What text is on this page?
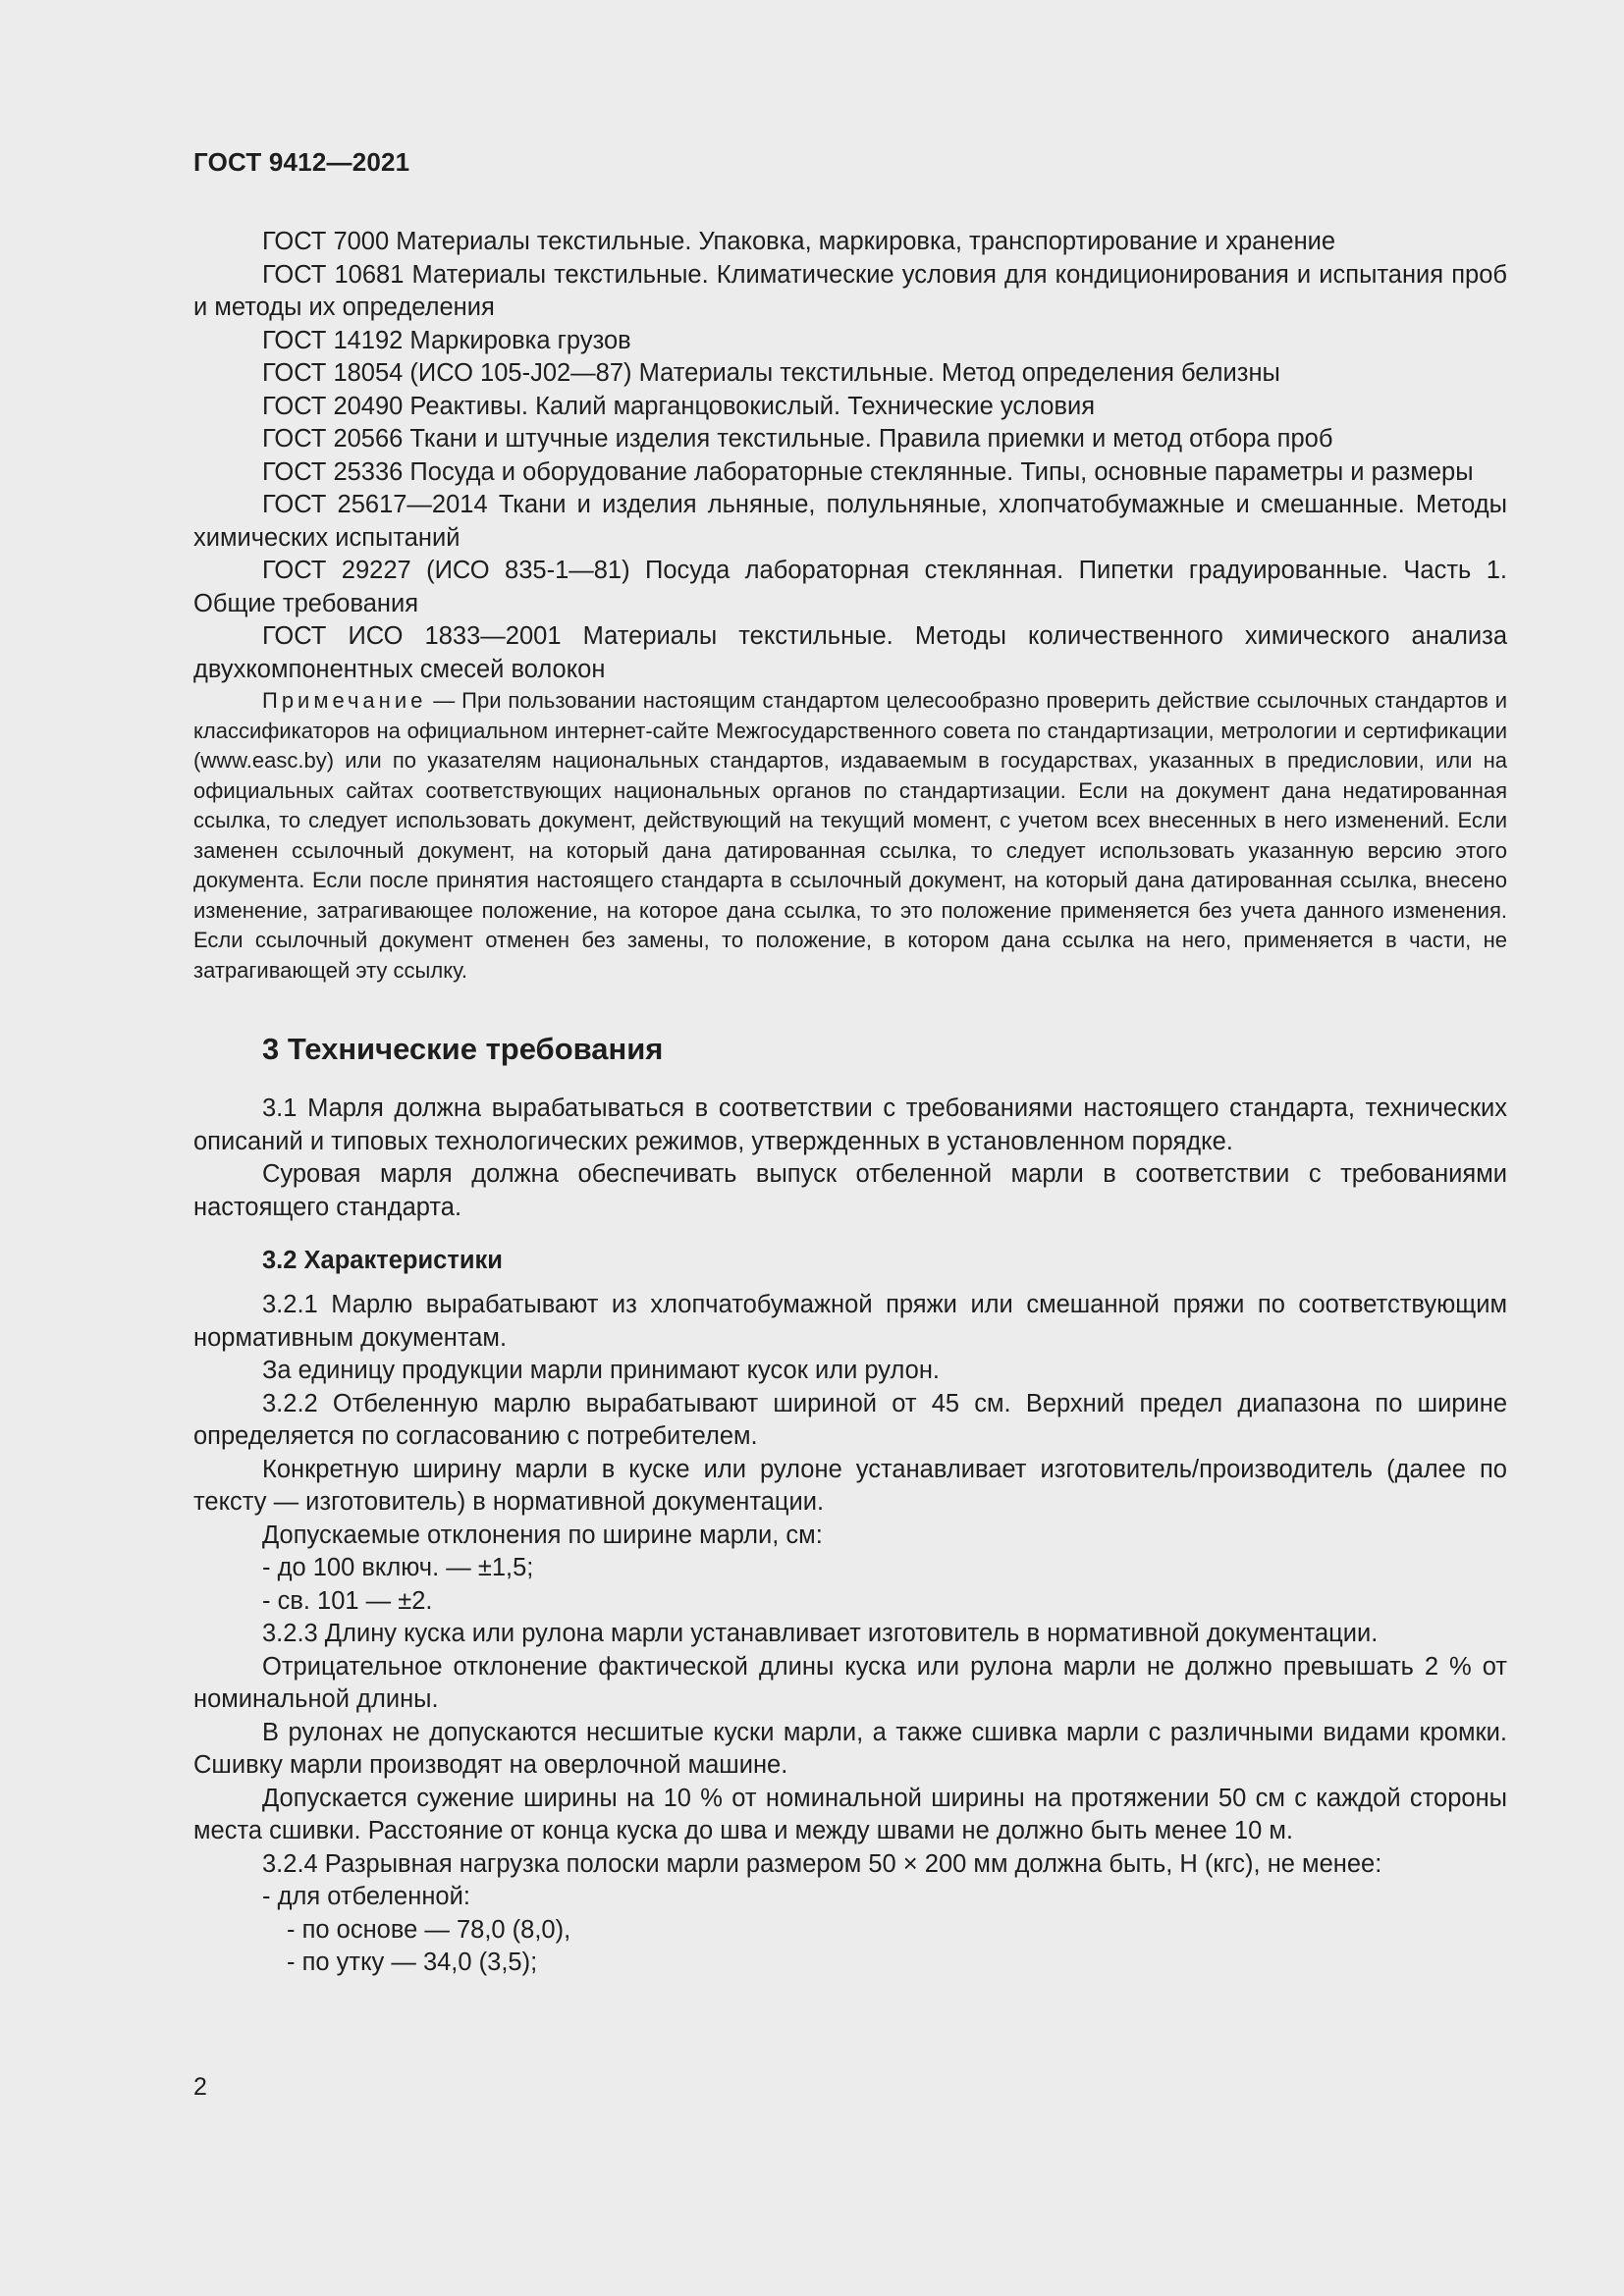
ГОСТ 9412—2021

ГОСТ 7000 Материалы текстильные. Упаковка, маркировка, транспортирование и хранение

ГОСТ 10681 Материалы текстильные. Климатические условия для кондиционирования и испытания проб и методы их определения

ГОСТ 14192 Маркировка грузов

ГОСТ 18054 (ИСО 105-J02—87) Материалы текстильные. Метод определения белизны

ГОСТ 20490 Реактивы. Калий марганцовокислый. Технические условия

ГОСТ 20566 Ткани и штучные изделия текстильные. Правила приемки и метод отбора проб

ГОСТ 25336 Посуда и оборудование лабораторные стеклянные. Типы, основные параметры и размеры

ГОСТ 25617—2014 Ткани и изделия льняные, полульняные, хлопчатобумажные и смешанные. Методы химических испытаний

ГОСТ 29227 (ИСО 835-1—81) Посуда лабораторная стеклянная. Пипетки градуированные. Часть 1. Общие требования

ГОСТ ИСО 1833—2001 Материалы текстильные. Методы количественного химического анализа двухкомпонентных смесей волокон

Примечание — При пользовании настоящим стандартом целесообразно проверить действие ссылочных стандартов и классификаторов на официальном интернет-сайте Межгосударственного совета по стандартизации, метрологии и сертификации (www.easc.by) или по указателям национальных стандартов, издаваемым в государствах, указанных в предисловии, или на официальных сайтах соответствующих национальных органов по стандартизации. Если на документ дана недатированная ссылка, то следует использовать документ, действующий на текущий момент, с учетом всех внесенных в него изменений. Если заменен ссылочный документ, на который дана датированная ссылка, то следует использовать указанную версию этого документа. Если после принятия настоящего стандарта в ссылочный документ, на который дана датированная ссылка, внесено изменение, затрагивающее положение, на которое дана ссылка, то это положение применяется без учета данного изменения. Если ссылочный документ отменен без замены, то положение, в котором дана ссылка на него, применяется в части, не затрагивающей эту ссылку.

3 Технические требования

3.1 Марля должна вырабатываться в соответствии с требованиями настоящего стандарта, технических описаний и типовых технологических режимов, утвержденных в установленном порядке.

Суровая марля должна обеспечивать выпуск отбеленной марли в соответствии с требованиями настоящего стандарта.

3.2 Характеристики

3.2.1 Марлю вырабатывают из хлопчатобумажной пряжи или смешанной пряжи по соответствующим нормативным документам.

За единицу продукции марли принимают кусок или рулон.

3.2.2 Отбеленную марлю вырабатывают шириной от 45 см. Верхний предел диапазона по ширине определяется по согласованию с потребителем.

Конкретную ширину марли в куске или рулоне устанавливает изготовитель/производитель (далее по тексту — изготовитель) в нормативной документации.

Допускаемые отклонения по ширине марли, см:

- до 100 включ. — ±1,5;

- св. 101 — ±2.

3.2.3 Длину куска или рулона марли устанавливает изготовитель в нормативной документации.

Отрицательное отклонение фактической длины куска или рулона марли не должно превышать 2 % от номинальной длины.

В рулонах не допускаются несшитые куски марли, а также сшивка марли с различными видами кромки. Сшивку марли производят на оверлочной машине.

Допускается сужение ширины на 10 % от номинальной ширины на протяжении 50 см с каждой стороны места сшивки. Расстояние от конца куска до шва и между швами не должно быть менее 10 м.

3.2.4 Разрывная нагрузка полоски марли размером 50 × 200 мм должна быть, Н (кгс), не менее:

- для отбеленной:

- по основе — 78,0 (8,0),

- по утку — 34,0 (3,5);

2
